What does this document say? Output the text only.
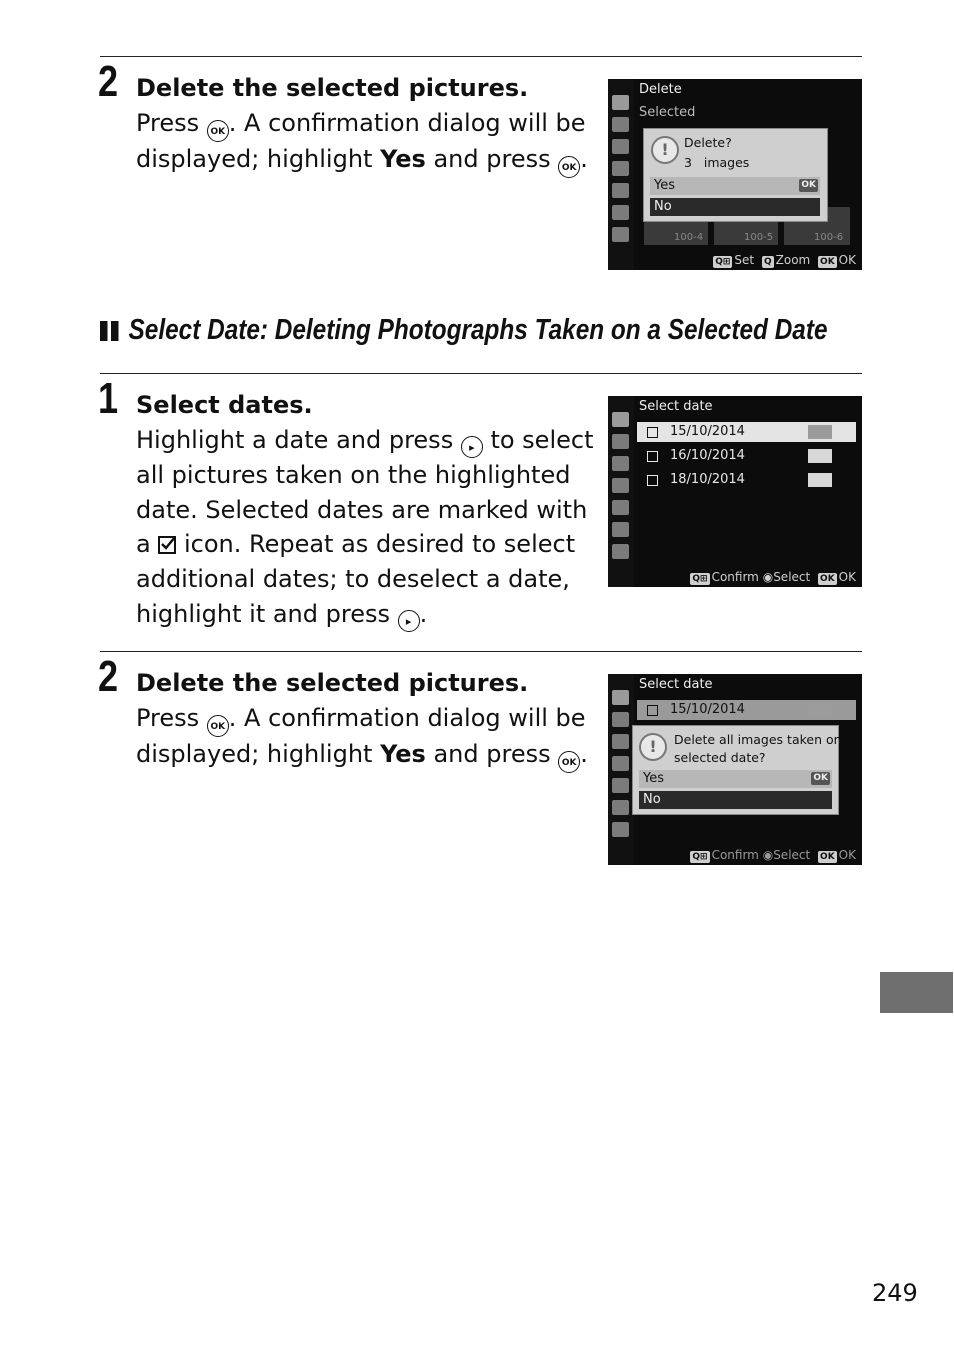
2 Delete the selected pictures.
Press OK . A confirmation dialog will be
displayed; highlight Yes and press OK .
Delete
Selected
100-4	100-5	100-6
!	Delete?
3 images
Yes	OK
No
Q⊞ Set Q Zoom OK OK
Select Date: Deleting Photographs Taken on a Selected Date
1 Select dates.
Highlight a date and press ▸ to select
all pictures taken on the highlighted
date. Selected dates are marked with
a
icon. Repeat as desired to select
additional dates; to deselect a date,
highlight it and press ▸ .
Select date
15/10/2014
16/10/2014
18/10/2014
Q⊞ Confirm ◉Select OK OK
2 Delete the selected pictures.
Press OK . A confirmation dialog will be
displayed; highlight Yes and press OK .
Select date
15/10/2014
!	Delete all images taken on
selected date?
Yes	OK
No
Q⊞ Confirm ◉Select OK OK
249
